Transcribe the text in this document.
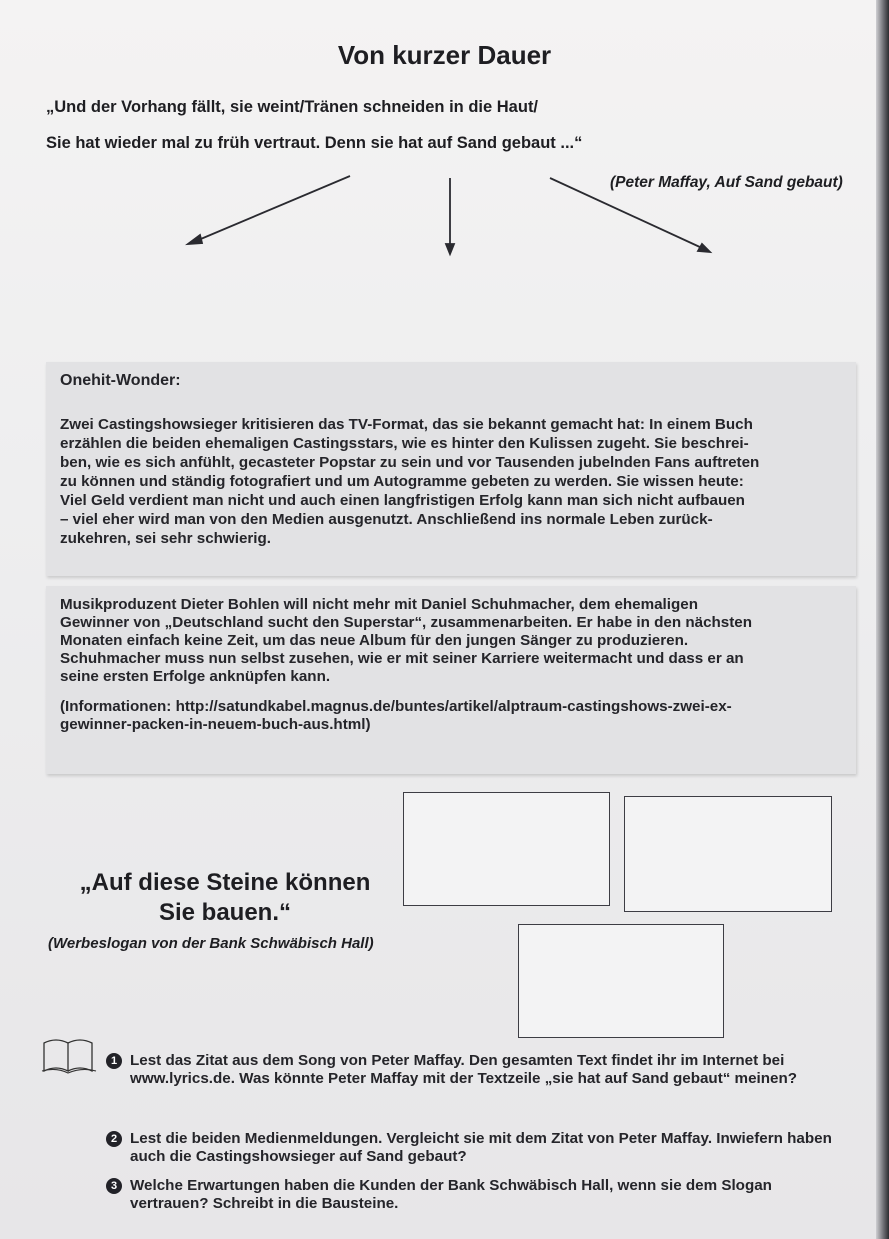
Von kurzer Dauer

„Und der Vorhang fällt, sie weint/Tränen schneiden in die Haut/

Sie hat wieder mal zu früh vertraut. Denn sie hat auf Sand gebaut ...“

(Peter Maffay, Auf Sand gebaut)
Onehit-Wonder:

Zwei Castingshowsieger kritisieren das TV-Format, das sie bekannt gemacht hat: In einem Buch

erzählen die beiden ehemaligen Castingsstars, wie es hinter den Kulissen zugeht. Sie beschrei-

ben, wie es sich anfühlt, gecasteter Popstar zu sein und vor Tausenden jubelnden Fans auftreten

zu können und ständig fotografiert und um Autogramme gebeten zu werden. Sie wissen heute:

Viel Geld verdient man nicht und auch einen langfristigen Erfolg kann man sich nicht aufbauen

– viel eher wird man von den Medien ausgenutzt. Anschließend ins normale Leben zurück-

zukehren, sei sehr schwierig.

Musikproduzent Dieter Bohlen will nicht mehr mit Daniel Schuhmacher, dem ehemaligen

Gewinner von „Deutschland sucht den Superstar“, zusammenarbeiten. Er habe in den nächsten

Monaten einfach keine Zeit, um das neue Album für den jungen Sänger zu produzieren.

Schuhmacher muss nun selbst zusehen, wie er mit seiner Karriere weitermacht und dass er an

seine ersten Erfolge anknüpfen kann.

(Informationen: http://satundkabel.magnus.de/buntes/artikel/alptraum-castingshows-zwei-ex-

gewinner-packen-in-neuem-buch-aus.html)

„Auf diese Steine können
Sie bauen.“
(Werbeslogan von der Bank Schwäbisch Hall)
1 Lest das Zitat aus dem Song von Peter Maffay. Den gesamten Text findet ihr im Internet bei www.lyrics.de. Was könnte Peter Maffay mit der Textzeile „sie hat auf Sand gebaut“ meinen?
2 Lest die beiden Medienmeldungen. Vergleicht sie mit dem Zitat von Peter Maffay. Inwiefern haben auch die Castingshowsieger auf Sand gebaut?
3 Welche Erwartungen haben die Kunden der Bank Schwäbisch Hall, wenn sie dem Slogan vertrauen? Schreibt in die Bausteine.
